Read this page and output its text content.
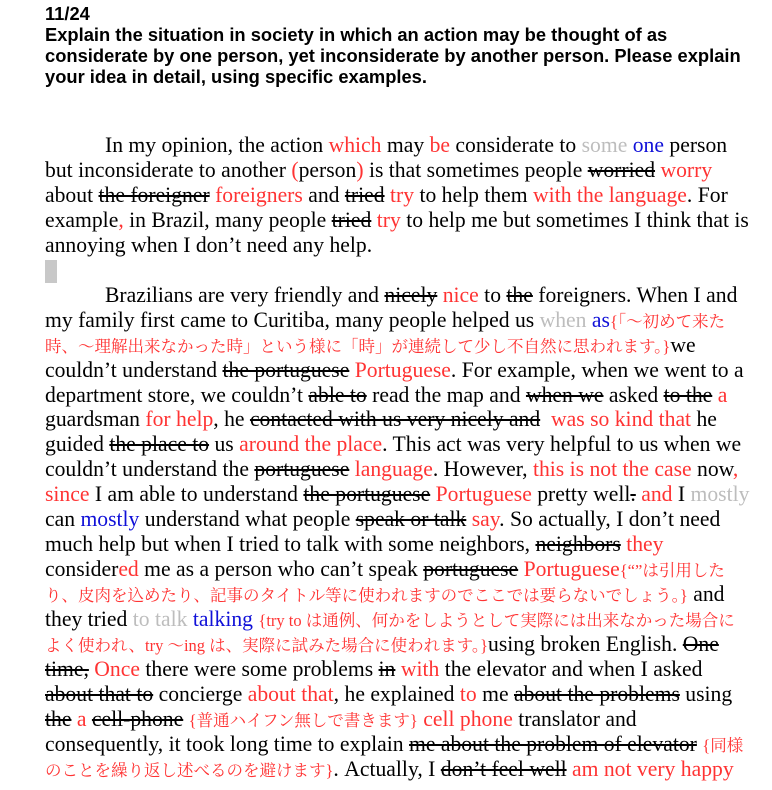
11/24
Explain the situation in society in which an action may be thought of as
considerate by one person, yet inconsiderate by another person. Please explain
your idea in detail, using specific examples.
In my opinion, the action which may be considerate to some one person
but inconsiderate to another (person) is that sometimes people worried worry
about the foreigner foreigners and tried try to help them with the language. For
example, in Brazil, many people tried try to help me but sometimes I think that is
annoying when I don’t need any help.
Brazilians are very friendly and nicely nice to the foreigners. When I and
my family first came to Curitiba, many people helped us when as{「〜初めて来た
時、〜理解出来なかった時」という様に「時」が連続して少し不自然に思われます。}we
couldn’t understand the portuguese Portuguese. For example, when we went to a
department store, we couldn’t able to read the map and when we asked to the a
guardsman for help, he contacted with us very nicely and  was so kind that he
guided the place to us around the place. This act was very helpful to us when we
couldn’t understand the portuguese language. However, this is not the case now,
since I am able to understand the portuguese Portuguese pretty well. and I mostly
can mostly understand what people speak or talk say. So actually, I don’t need
much help but when I tried to talk with some neighbors, neighbors they
considered me as a person who can’t speak portuguese Portuguese{“”は引用した
り、皮肉を込めたり、記事のタイトル等に使われますのでここでは要らないでしょう。} and
they tried to talk talking {try to は通例、何かをしようとして実際には出来なかった場合に
よく使われ、try 〜ing は、実際に試みた場合に使われます。}using broken English. One
time, Once there were some problems in with the elevator and when I asked
about that to concierge about that, he explained to me about the problems using
the a cell-phone {普通ハイフン無しで書きます} cell phone translator and
consequently, it took long time to explain me about the problem of elevator {同様
のことを繰り返し述べるのを避けます}. Actually, I don’t feel well am not very happy
